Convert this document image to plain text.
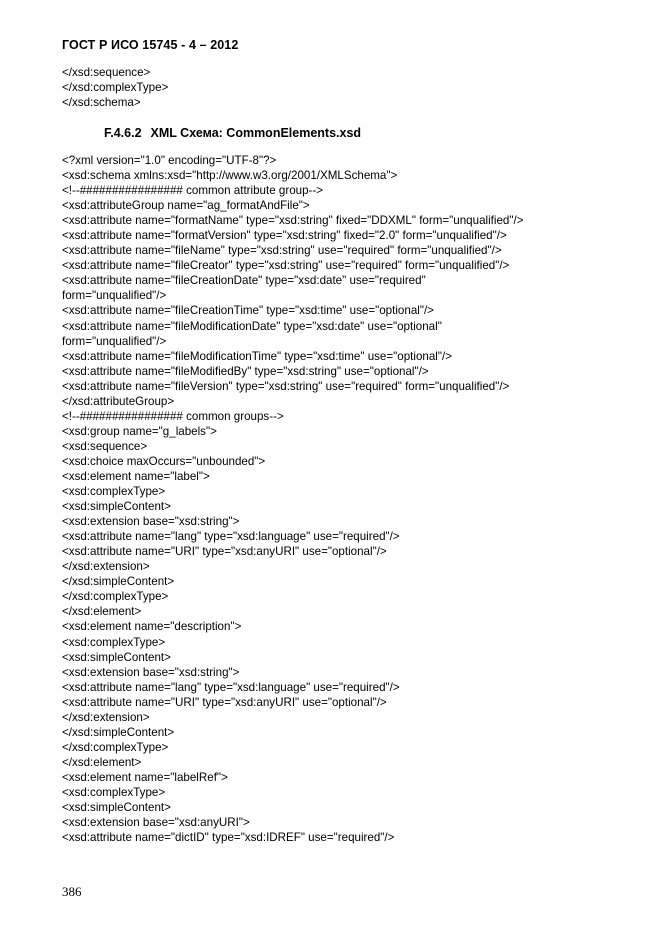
ГОСТ Р ИСО 15745 - 4 – 2012
</xsd:sequence>
</xsd:complexType>
</xsd:schema>
F.4.6.2 XML Схема: CommonElements.xsd
<?xml version="1.0" encoding="UTF-8"?>
<xsd:schema xmlns:xsd="http://www.w3.org/2001/XMLSchema">
<!--################ common attribute group-->
<xsd:attributeGroup name="ag_formatAndFile">
<xsd:attribute name="formatName" type="xsd:string" fixed="DDXML" form="unqualified"/>
<xsd:attribute name="formatVersion" type="xsd:string" fixed="2.0" form="unqualified"/>
<xsd:attribute name="fileName" type="xsd:string" use="required" form="unqualified"/>
<xsd:attribute name="fileCreator" type="xsd:string" use="required" form="unqualified"/>
<xsd:attribute name="fileCreationDate" type="xsd:date" use="required"
form="unqualified"/>
<xsd:attribute name="fileCreationTime" type="xsd:time" use="optional"/>
<xsd:attribute name="fileModificationDate" type="xsd:date" use="optional"
form="unqualified"/>
<xsd:attribute name="fileModificationTime" type="xsd:time" use="optional"/>
<xsd:attribute name="fileModifiedBy" type="xsd:string" use="optional"/>
<xsd:attribute name="fileVersion" type="xsd:string" use="required" form="unqualified"/>
</xsd:attributeGroup>
<!--################ common groups-->
<xsd:group name="g_labels">
<xsd:sequence>
<xsd:choice maxOccurs="unbounded">
<xsd:element name="label">
<xsd:complexType>
<xsd:simpleContent>
<xsd:extension base="xsd:string">
<xsd:attribute name="lang" type="xsd:language" use="required"/>
<xsd:attribute name="URI" type="xsd:anyURI" use="optional"/>
</xsd:extension>
</xsd:simpleContent>
</xsd:complexType>
</xsd:element>
<xsd:element name="description">
<xsd:complexType>
<xsd:simpleContent>
<xsd:extension base="xsd:string">
<xsd:attribute name="lang" type="xsd:language" use="required"/>
<xsd:attribute name="URI" type="xsd:anyURI" use="optional"/>
</xsd:extension>
</xsd:simpleContent>
</xsd:complexType>
</xsd:element>
<xsd:element name="labelRef">
<xsd:complexType>
<xsd:simpleContent>
<xsd:extension base="xsd:anyURI">
<xsd:attribute name="dictID" type="xsd:IDREF" use="required"/>
386
